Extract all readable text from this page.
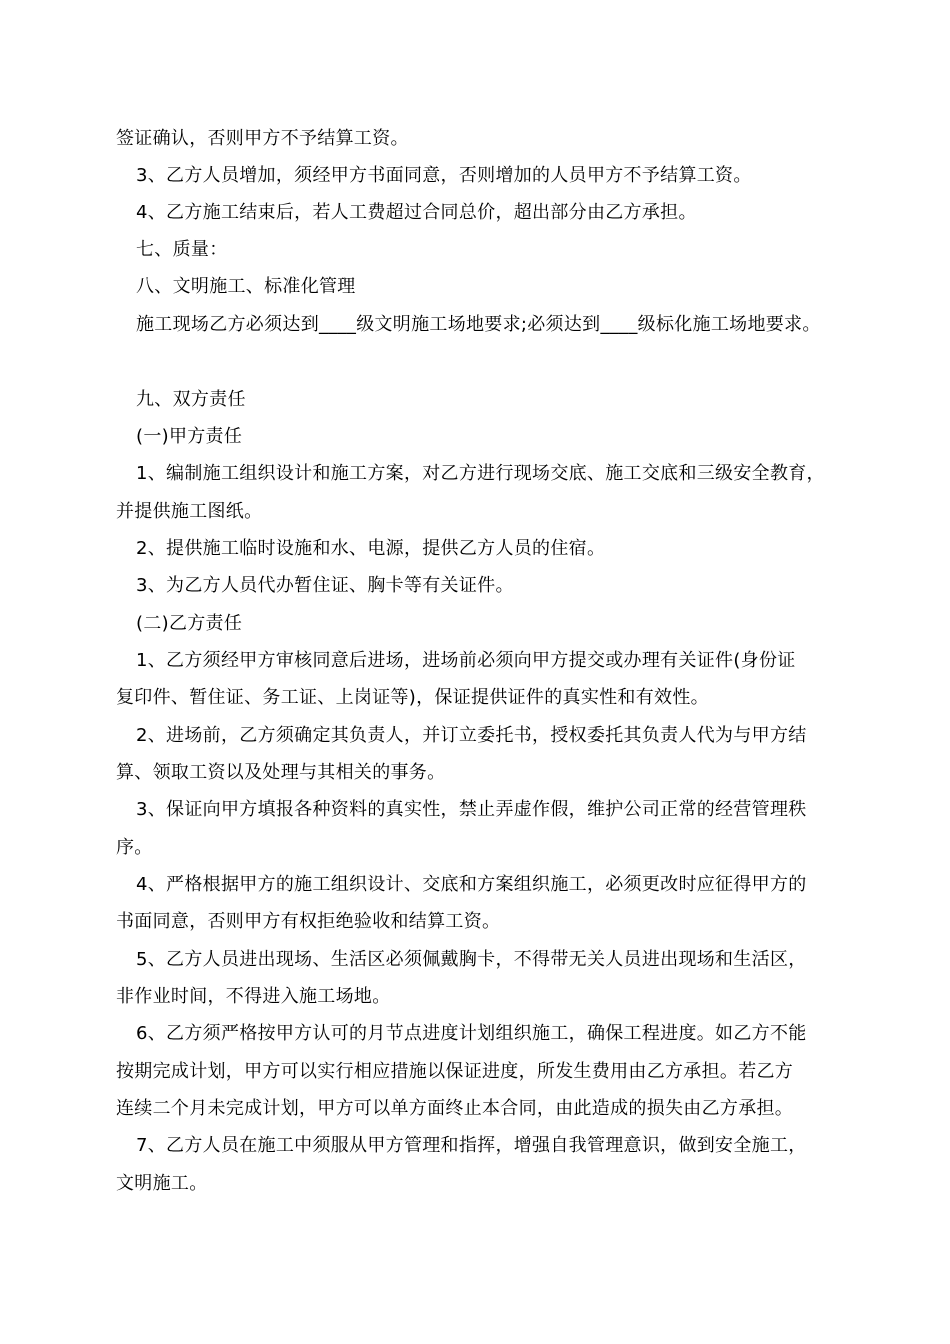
签证确认，否则甲方不予结算工资。
3、乙方人员增加，须经甲方书面同意，否则增加的人员甲方不予结算工资。
4、乙方施工结束后，若人工费超过合同总价，超出部分由乙方承担。
七、质量：
八、文明施工、标准化管理
施工现场乙方必须达到____级文明施工场地要求;必须达到____级标化施工场地要求。
九、双方责任
(一)甲方责任
1、编制施工组织设计和施工方案，对乙方进行现场交底、施工交底和三级安全教育，
并提供施工图纸。
2、提供施工临时设施和水、电源，提供乙方人员的住宿。
3、为乙方人员代办暂住证、胸卡等有关证件。
(二)乙方责任
1、乙方须经甲方审核同意后进场，进场前必须向甲方提交或办理有关证件(身份证
复印件、暂住证、务工证、上岗证等)，保证提供证件的真实性和有效性。
2、进场前，乙方须确定其负责人，并订立委托书，授权委托其负责人代为与甲方结
算、领取工资以及处理与其相关的事务。
3、保证向甲方填报各种资料的真实性，禁止弄虚作假，维护公司正常的经营管理秩
序。
4、严格根据甲方的施工组织设计、交底和方案组织施工，必须更改时应征得甲方的
书面同意，否则甲方有权拒绝验收和结算工资。
5、乙方人员进出现场、生活区必须佩戴胸卡，不得带无关人员进出现场和生活区，
非作业时间，不得进入施工场地。
6、乙方须严格按甲方认可的月节点进度计划组织施工，确保工程进度。如乙方不能
按期完成计划，甲方可以实行相应措施以保证进度，所发生费用由乙方承担。若乙方
连续二个月未完成计划，甲方可以单方面终止本合同，由此造成的损失由乙方承担。
7、乙方人员在施工中须服从甲方管理和指挥，增强自我管理意识，做到安全施工，
文明施工。
